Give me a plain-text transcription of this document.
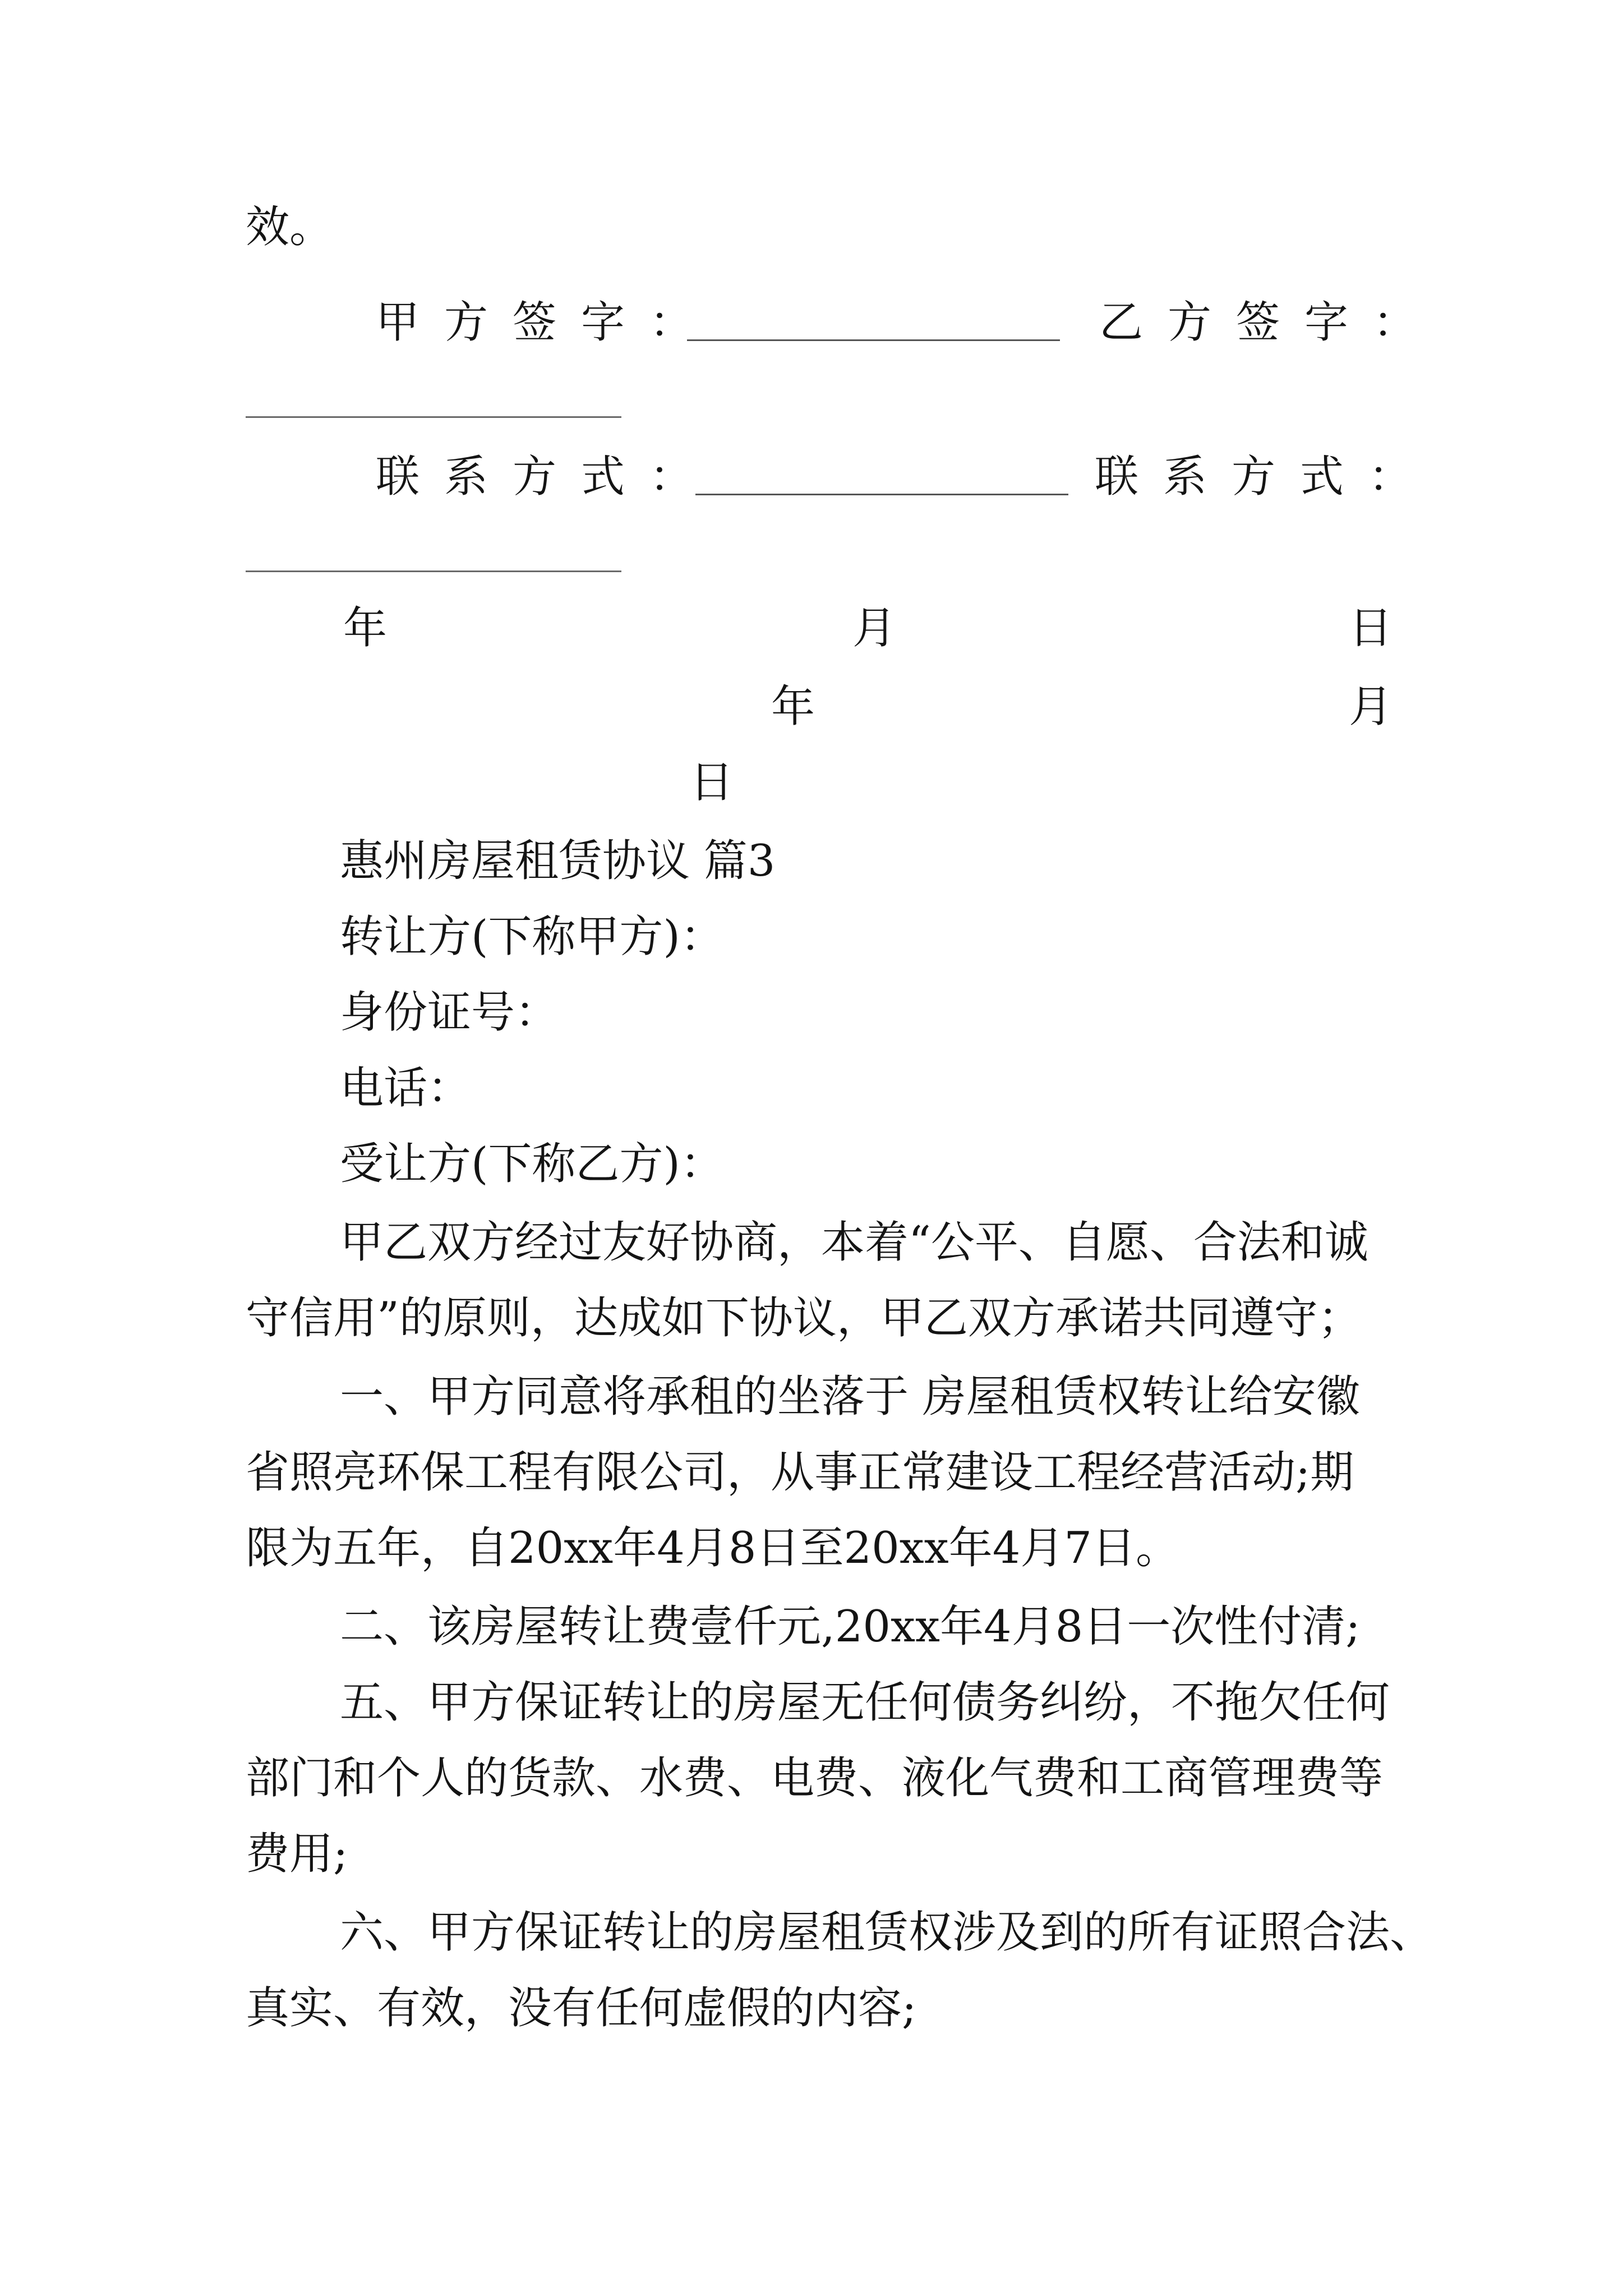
效。
甲方签字：	乙方签字：
联系方式：	联系方式：
年	月	日
年	月
日
惠州房屋租赁协议 篇3
转让方(下称甲方)：
身份证号：
电话：
受让方(下称乙方)：
甲乙双方经过友好协商，本着“公平、自愿、合法和诚
守信用”的原则，达成如下协议，甲乙双方承诺共同遵守；
一、甲方同意将承租的坐落于 房屋租赁权转让给安徽
省照亮环保工程有限公司，从事正常建设工程经营活动;期
限为五年，自20xx年4月8日至20xx年4月7日。
二、该房屋转让费壹仟元,20xx年4月8日一次性付清;
五、甲方保证转让的房屋无任何债务纠纷，不拖欠任何
部门和个人的货款、水费、电费、液化气费和工商管理费等
费用;
六、甲方保证转让的房屋租赁权涉及到的所有证照合法、
真实、有效，没有任何虚假的内容;
